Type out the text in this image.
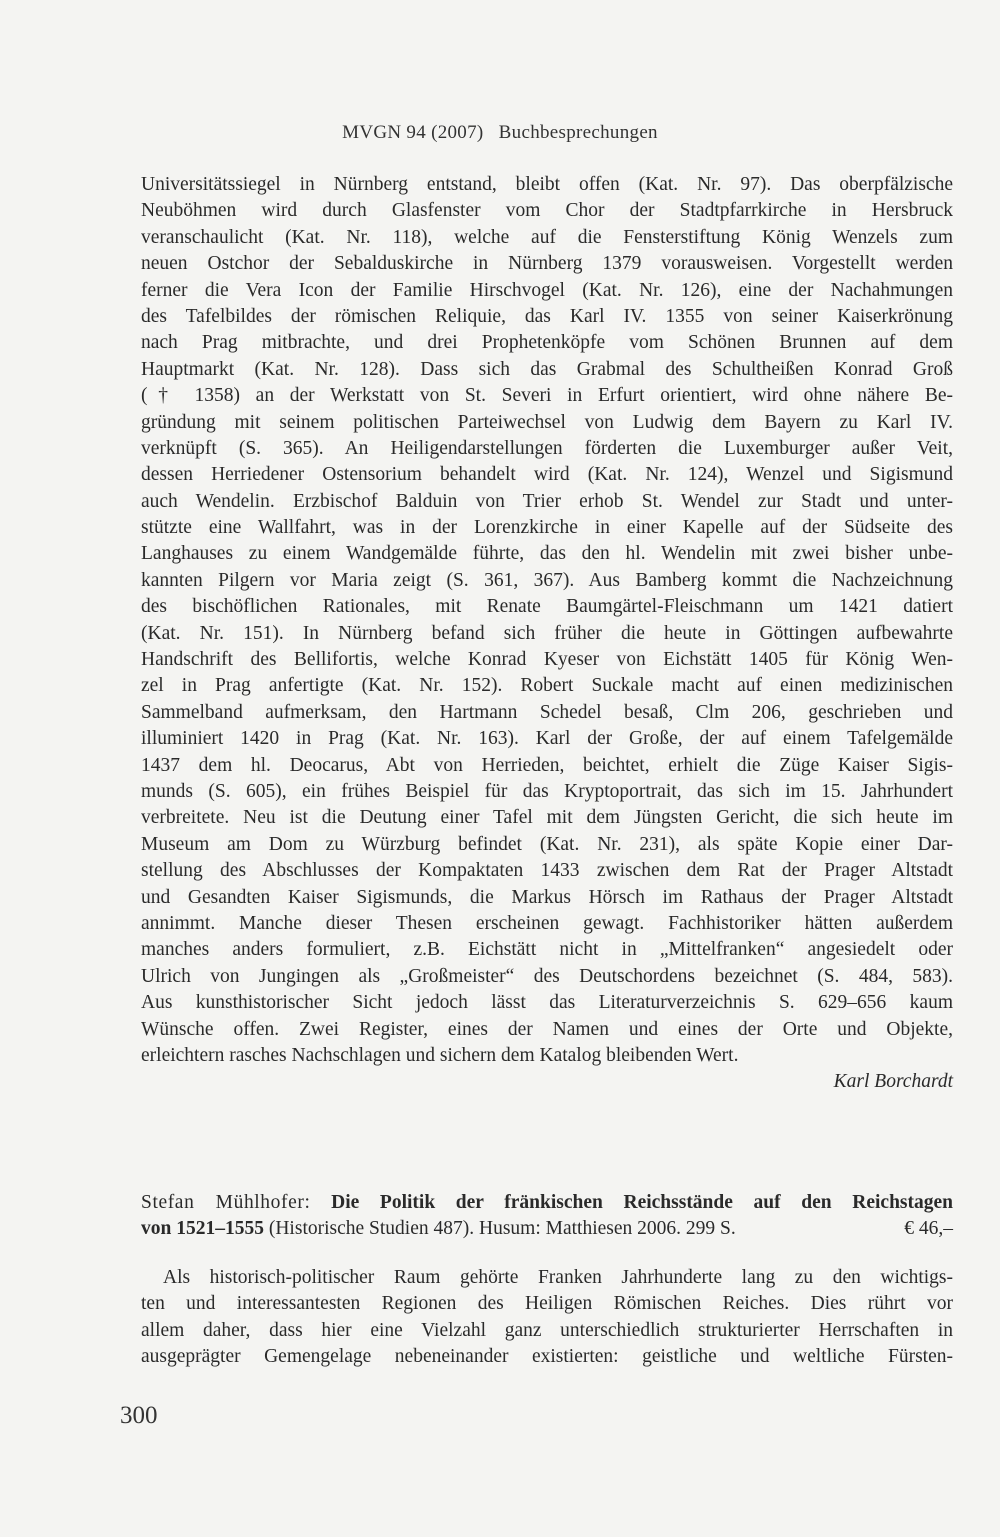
MVGN 94 (2007)   Buchbesprechungen
Universitätssiegel in Nürnberg entstand, bleibt offen (Kat. Nr. 97). Das oberpfälzische
Neuböhmen wird durch Glasfenster vom Chor der Stadtpfarrkirche in Hersbruck
veranschaulicht (Kat. Nr. 118), welche auf die Fensterstiftung König Wenzels zum
neuen Ostchor der Sebalduskirche in Nürnberg 1379 vorausweisen. Vorgestellt werden
ferner die Vera Icon der Familie Hirschvogel (Kat. Nr. 126), eine der Nachahmungen
des Tafelbildes der römischen Reliquie, das Karl IV. 1355 von seiner Kaiserkrönung
nach Prag mitbrachte, und drei Prophetenköpfe vom Schönen Brunnen auf dem
Hauptmarkt (Kat. Nr. 128). Dass sich das Grabmal des Schultheißen Konrad Groß
(† 1358) an der Werkstatt von St. Severi in Erfurt orientiert, wird ohne nähere Be-
gründung mit seinem politischen Parteiwechsel von Ludwig dem Bayern zu Karl IV.
verknüpft (S. 365). An Heiligendarstellungen förderten die Luxemburger außer Veit,
dessen Herriedener Ostensorium behandelt wird (Kat. Nr. 124), Wenzel und Sigismund
auch Wendelin. Erzbischof Balduin von Trier erhob St. Wendel zur Stadt und unter-
stützte eine Wallfahrt, was in der Lorenzkirche in einer Kapelle auf der Südseite des
Langhauses zu einem Wandgemälde führte, das den hl. Wendelin mit zwei bisher unbe-
kannten Pilgern vor Maria zeigt (S. 361, 367). Aus Bamberg kommt die Nachzeichnung
des bischöflichen Rationales, mit Renate Baumgärtel-Fleischmann um 1421 datiert
(Kat. Nr. 151). In Nürnberg befand sich früher die heute in Göttingen aufbewahrte
Handschrift des Bellifortis, welche Konrad Kyeser von Eichstätt 1405 für König Wen-
zel in Prag anfertigte (Kat. Nr. 152). Robert Suckale macht auf einen medizinischen
Sammelband aufmerksam, den Hartmann Schedel besaß, Clm 206, geschrieben und
illuminiert 1420 in Prag (Kat. Nr. 163). Karl der Große, der auf einem Tafelgemälde
1437 dem hl. Deocarus, Abt von Herrieden, beichtet, erhielt die Züge Kaiser Sigis-
munds (S. 605), ein frühes Beispiel für das Kryptoportrait, das sich im 15. Jahrhundert
verbreitete. Neu ist die Deutung einer Tafel mit dem Jüngsten Gericht, die sich heute im
Museum am Dom zu Würzburg befindet (Kat. Nr. 231), als späte Kopie einer Dar-
stellung des Abschlusses der Kompaktaten 1433 zwischen dem Rat der Prager Altstadt
und Gesandten Kaiser Sigismunds, die Markus Hörsch im Rathaus der Prager Altstadt
annimmt. Manche dieser Thesen erscheinen gewagt. Fachhistoriker hätten außerdem
manches anders formuliert, z.B. Eichstätt nicht in „Mittelfranken“ angesiedelt oder
Ulrich von Jungingen als „Großmeister“ des Deutschordens bezeichnet (S. 484, 583).
Aus kunsthistorischer Sicht jedoch lässt das Literaturverzeichnis S. 629–656 kaum
Wünsche offen. Zwei Register, eines der Namen und eines der Orte und Objekte,
erleichtern rasches Nachschlagen und sichern dem Katalog bleibenden Wert.
Karl Borchardt
Stefan Mühlhofer: Die Politik der fränkischen Reichsstände auf den Reichstagen
von 1521–1555 (Historische Studien 487). Husum: Matthiesen 2006. 299 S.	€ 46,–
Als historisch-politischer Raum gehörte Franken Jahrhunderte lang zu den wichtigs-
ten und interessantesten Regionen des Heiligen Römischen Reiches. Dies rührt vor
allem daher, dass hier eine Vielzahl ganz unterschiedlich strukturierter Herrschaften in
ausgeprägter Gemengelage nebeneinander existierten: geistliche und weltliche Fürsten-
300
